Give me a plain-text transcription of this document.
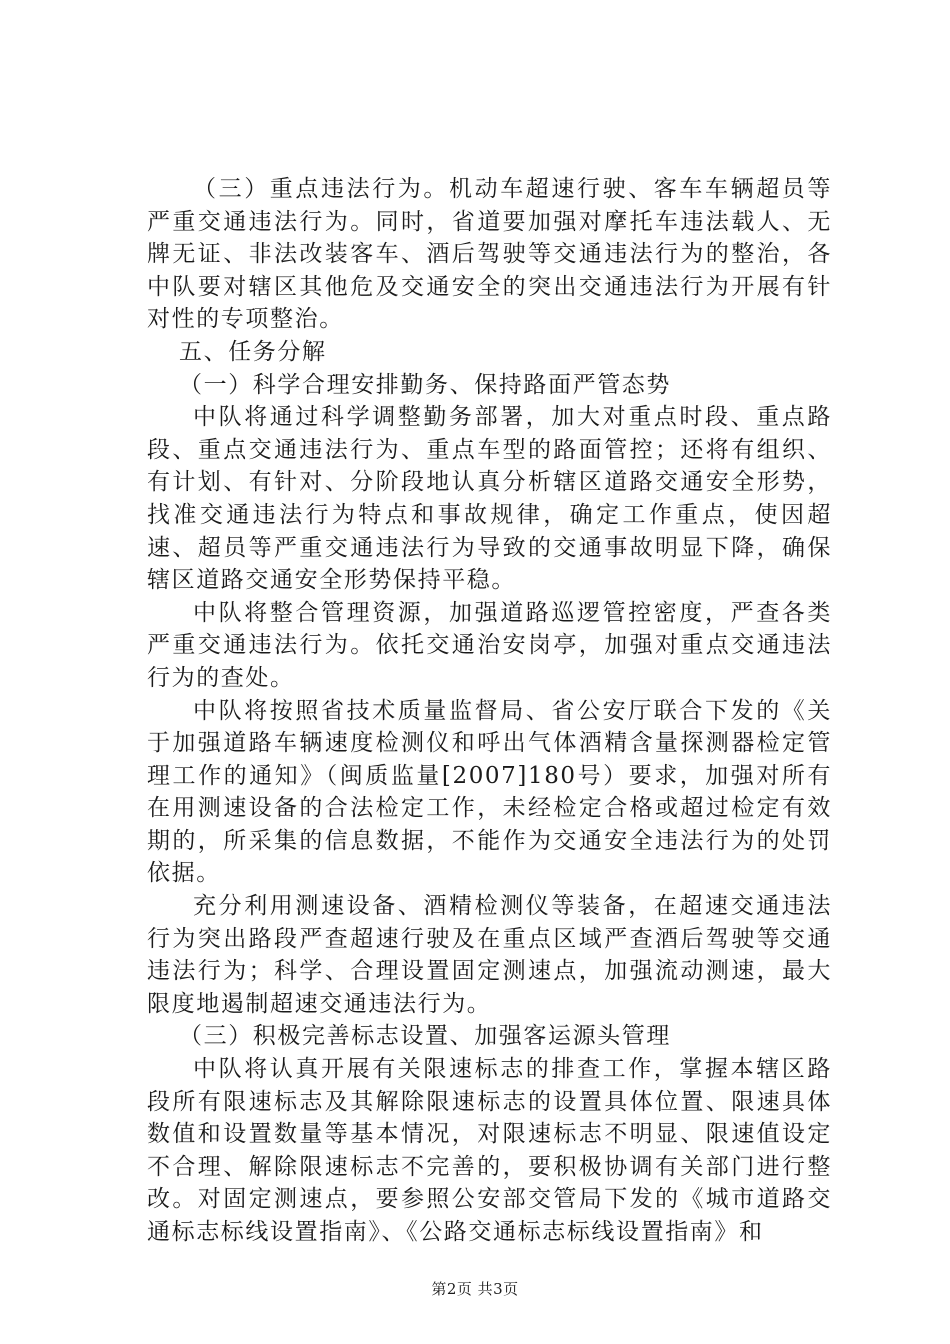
（三）重点违法行为。机动车超速行驶、客车车辆超员等严重交通违法行为。同时，省道要加强对摩托车违法载人、无牌无证、非法改装客车、酒后驾驶等交通违法行为的整治，各中队要对辖区其他危及交通安全的突出交通违法行为开展有针对性的专项整治。

五、任务分解

（一）科学合理安排勤务、保持路面严管态势

中队将通过科学调整勤务部署，加大对重点时段、重点路段、重点交通违法行为、重点车型的路面管控；还将有组织、有计划、有针对、分阶段地认真分析辖区道路交通安全形势，找准交通违法行为特点和事故规律，确定工作重点，使因超速、超员等严重交通违法行为导致的交通事故明显下降，确保辖区道路交通安全形势保持平稳。

中队将整合管理资源，加强道路巡逻管控密度，严查各类严重交通违法行为。依托交通治安岗亭，加强对重点交通违法行为的查处。

中队将按照省技术质量监督局、省公安厅联合下发的《关于加强道路车辆速度检测仪和呼出气体酒精含量探测器检定管理工作的通知》（闽质监量[2007]180号）要求，加强对所有在用测速设备的合法检定工作，未经检定合格或超过检定有效期的，所采集的信息数据，不能作为交通安全违法行为的处罚依据。

充分利用测速设备、酒精检测仪等装备，在超速交通违法行为突出路段严查超速行驶及在重点区域严查酒后驾驶等交通违法行为；科学、合理设置固定测速点，加强流动测速，最大限度地遏制超速交通违法行为。

（三）积极完善标志设置、加强客运源头管理

中队将认真开展有关限速标志的排查工作，掌握本辖区路段所有限速标志及其解除限速标志的设置具体位置、限速具体数值和设置数量等基本情况，对限速标志不明显、限速值设定不合理、解除限速标志不完善的，要积极协调有关部门进行整改。对固定测速点，要参照公安部交管局下发的《城市道路交通标志标线设置指南》、《公路交通标志标线设置指南》和

第2页 共3页
